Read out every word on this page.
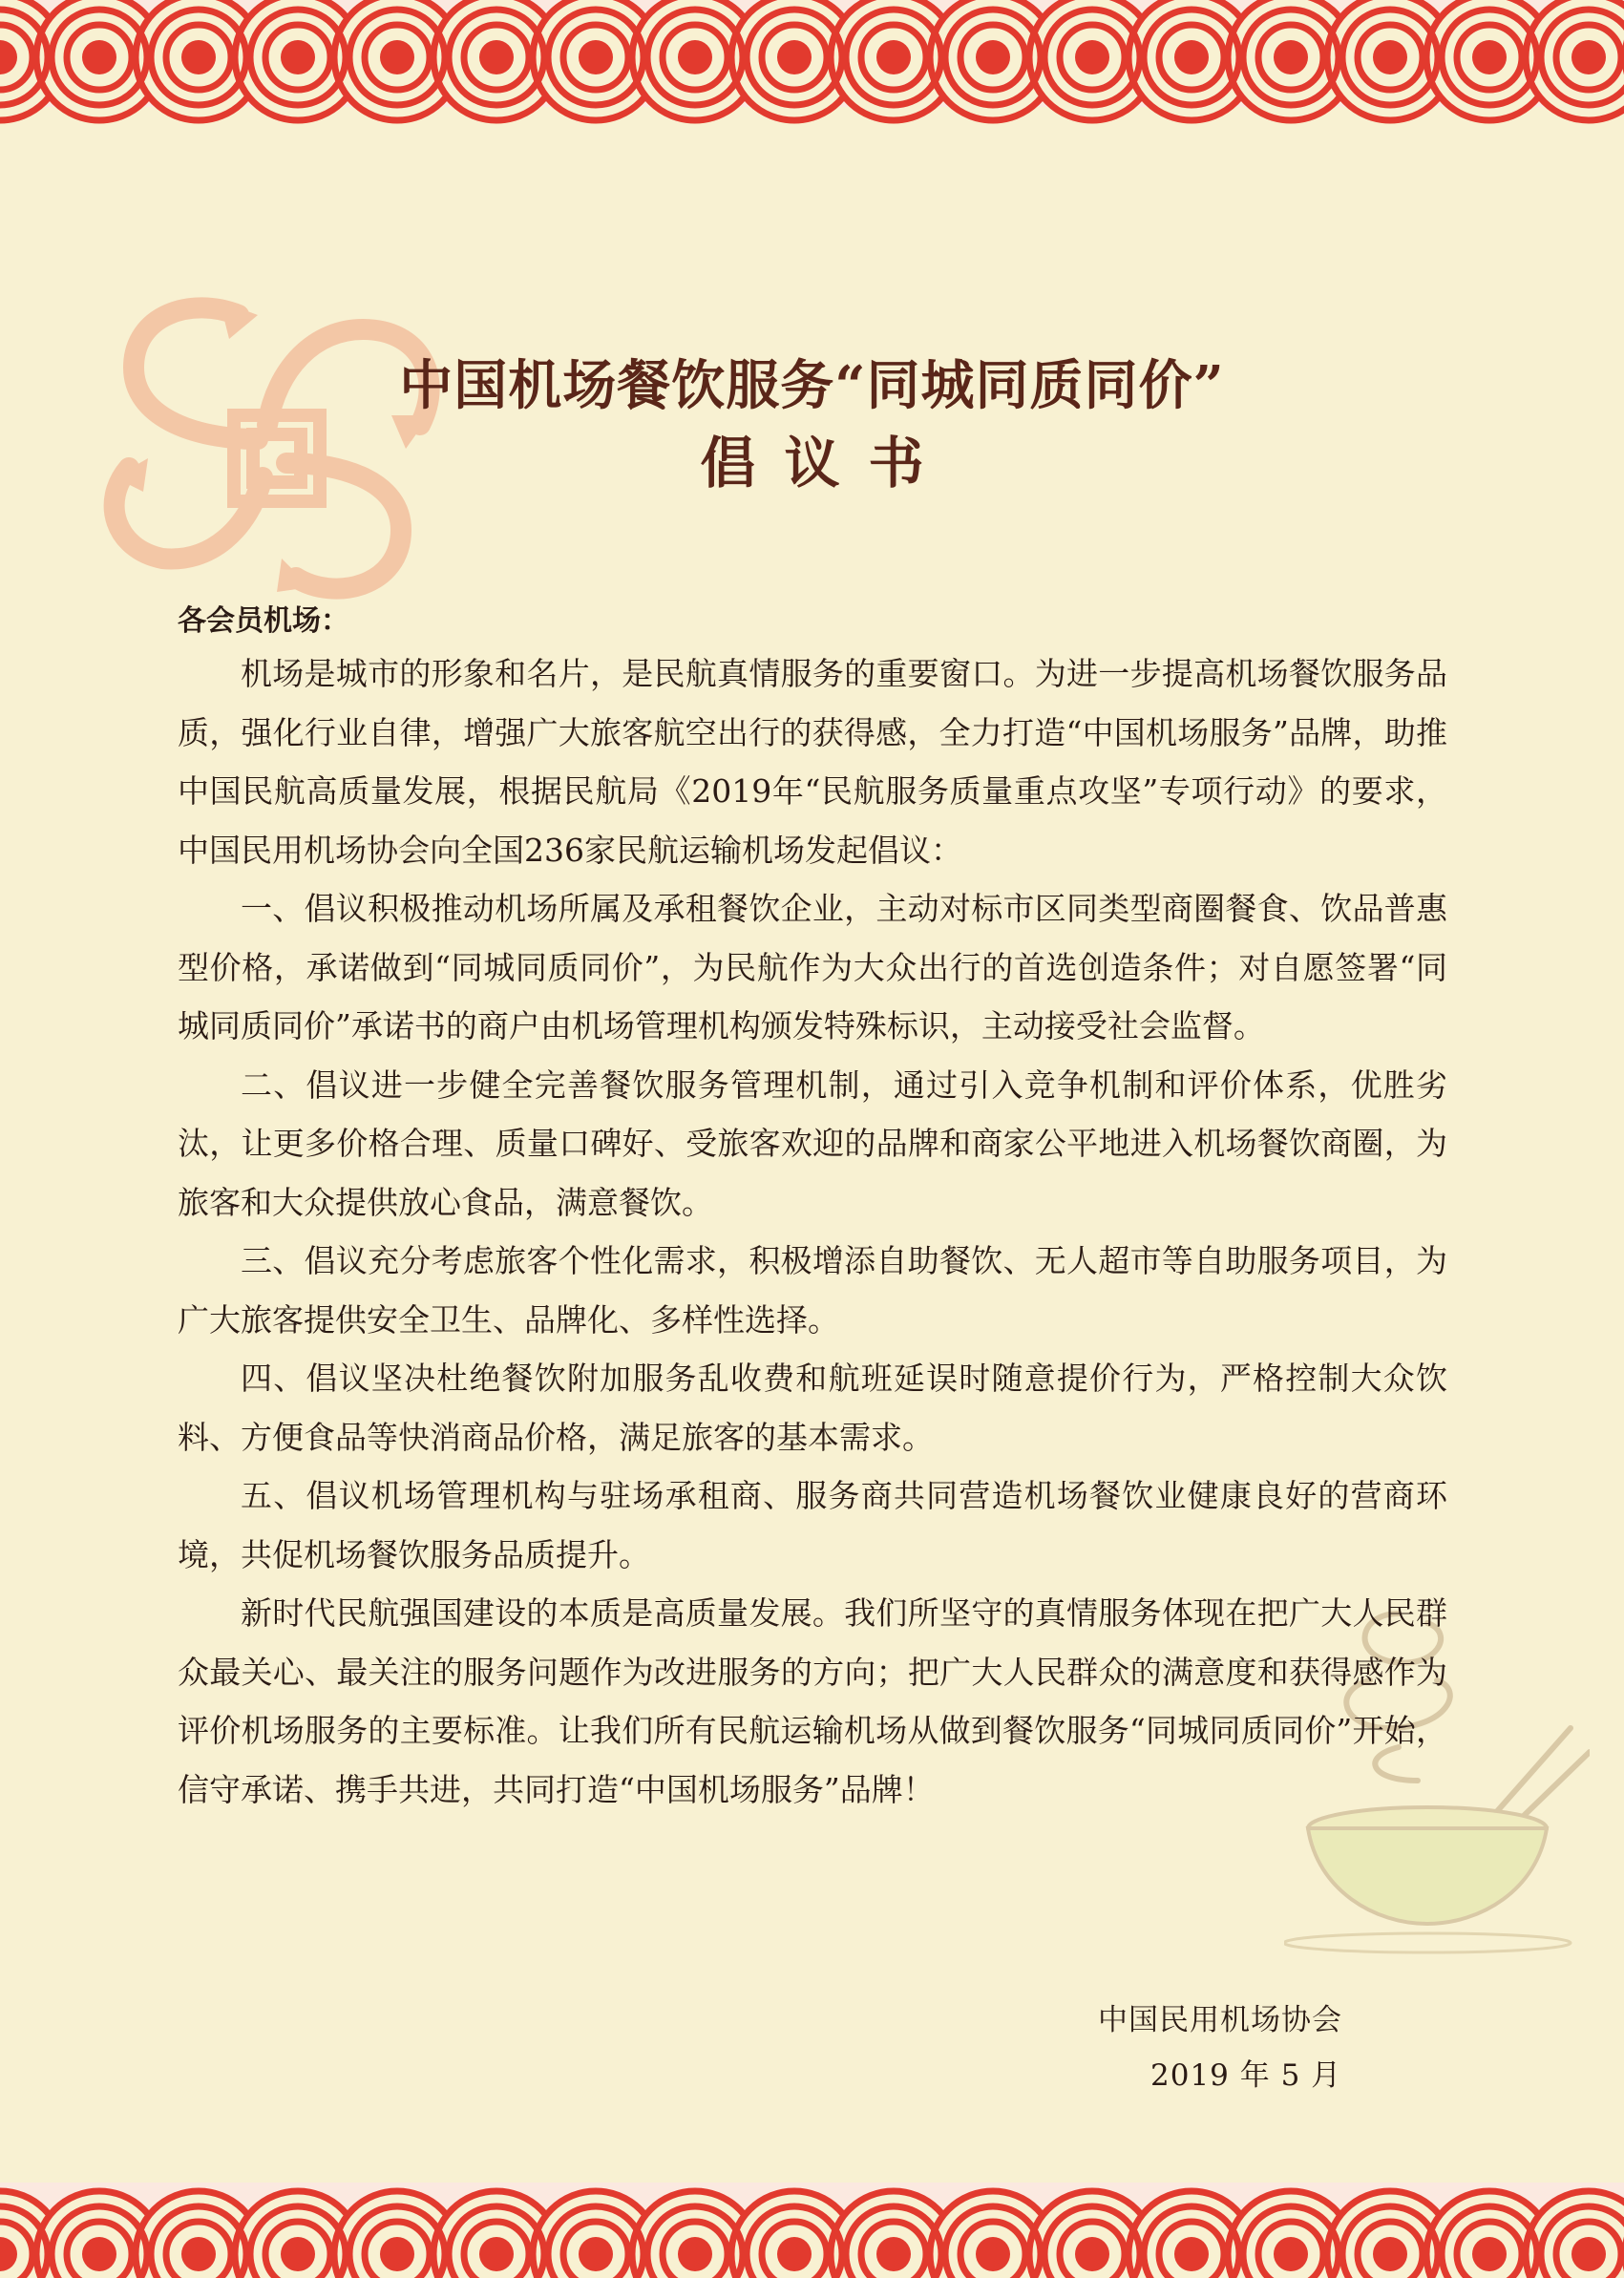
中国机场餐饮服务“同城同质同价”
倡议书
各会员机场：

机场是城市的形象和名片，是民航真情服务的重要窗口。为进一步提高机场餐饮服务品质，强化行业自律，增强广大旅客航空出行的获得感，全力打造“中国机场服务”品牌，助推中国民航高质量发展，根据民航局《2019年“民航服务质量重点攻坚”专项行动》的要求，中国民用机场协会向全国236家民航运输机场发起倡议：

一、倡议积极推动机场所属及承租餐饮企业，主动对标市区同类型商圈餐食、饮品普惠型价格，承诺做到“同城同质同价”，为民航作为大众出行的首选创造条件；对自愿签署“同城同质同价”承诺书的商户由机场管理机构颁发特殊标识，主动接受社会监督。

二、倡议进一步健全完善餐饮服务管理机制，通过引入竞争机制和评价体系，优胜劣汰，让更多价格合理、质量口碑好、受旅客欢迎的品牌和商家公平地进入机场餐饮商圈，为旅客和大众提供放心食品，满意餐饮。

三、倡议充分考虑旅客个性化需求，积极增添自助餐饮、无人超市等自助服务项目，为广大旅客提供安全卫生、品牌化、多样性选择。

四、倡议坚决杜绝餐饮附加服务乱收费和航班延误时随意提价行为，严格控制大众饮料、方便食品等快消商品价格，满足旅客的基本需求。

五、倡议机场管理机构与驻场承租商、服务商共同营造机场餐饮业健康良好的营商环境，共促机场餐饮服务品质提升。

新时代民航强国建设的本质是高质量发展。我们所坚守的真情服务体现在把广大人民群众最关心、最关注的服务问题作为改进服务的方向；把广大人民群众的满意度和获得感作为评价机场服务的主要标准。让我们所有民航运输机场从做到餐饮服务“同城同质同价”开始，信守承诺、携手共进，共同打造“中国机场服务”品牌！

中国民用机场协会
2019 年 5 月
